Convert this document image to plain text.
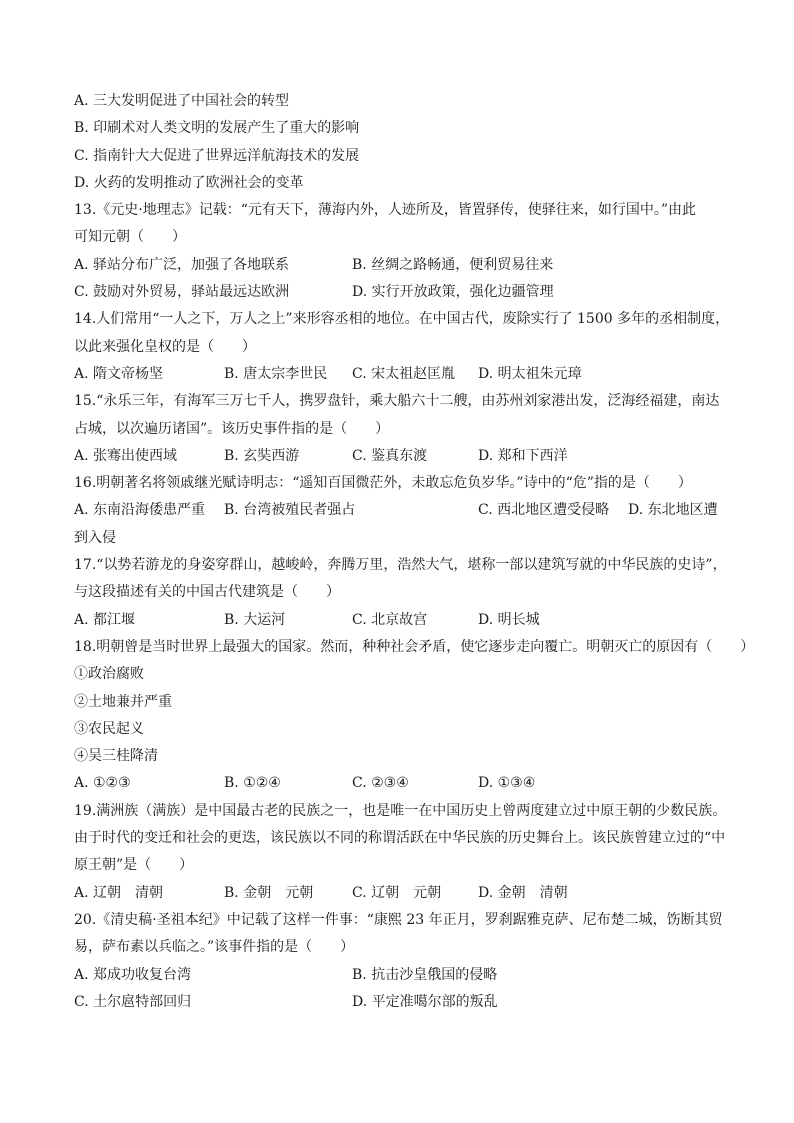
A. 三大发明促进了中国社会的转型
B. 印刷术对人类文明的发展产生了重大的影响
C. 指南针大大促进了世界远洋航海技术的发展
D. 火药的发明推动了欧洲社会的变革
13.《元史·地理志》记载：“元有天下，薄海内外，人迹所及，皆置驿传，使驿往来，如行国中。”由此
可知元朝（　　）
A. 驿站分布广泛，加强了各地联系	B. 丝绸之路畅通，便利贸易往来
C. 鼓励对外贸易，驿站最远达欧洲	D. 实行开放政策，强化边疆管理
14.人们常用“一人之下，万人之上”来形容丞相的地位。在中国古代，废除实行了 1500 多年的丞相制度，
以此来强化皇权的是（　　）
A. 隋文帝杨坚	B. 唐太宗李世民 C. 宋太祖赵匡胤 D. 明太祖朱元璋
15.“永乐三年，有海军三万七千人，携罗盘针，乘大船六十二艘，由苏州刘家港出发，泛海经福建，南达
占城，以次遍历诸国”。该历史事件指的是（　　）
A. 张骞出使西域	B. 玄奘西游	C. 鉴真东渡	D. 郑和下西洋
16.明朝著名将领戚继光赋诗明志：“遥知百国微茫外，未敢忘危负岁华。”诗中的“危”指的是（　　）
A. 东南沿海倭患严重 B. 台湾被殖民者强占	C. 西北地区遭受侵略 D. 东北地区遭
到入侵
17.“以势若游龙的身姿穿群山，越峻岭，奔腾万里，浩然大气，堪称一部以建筑写就的中华民族的史诗”，
与这段描述有关的中国古代建筑是（　　）
A. 都江堰	B. 大运河	C. 北京故宫	D. 明长城
18.明朝曾是当时世界上最强大的国家。然而，种种社会矛盾，使它逐步走向覆亡。明朝灭亡的原因有（　　）
①政治腐败
②土地兼并严重
③农民起义
④吴三桂降清
A. ①②③	B. ①②④	C. ②③④	D. ①③④
19.满洲族（满族）是中国最古老的民族之一，也是唯一在中国历史上曾两度建立过中原王朝的少数民族。
由于时代的变迁和社会的更迭，该民族以不同的称谓活跃在中华民族的历史舞台上。该民族曾建立过的“中
原王朝”是（　　）
A. 辽朝　清朝	B. 金朝　元朝	C. 辽朝　元朝	D. 金朝　清朝
20.《清史稿·圣祖本纪》中记载了这样一件事：“康熙 23 年正月，罗刹踞雅克萨、尼布楚二城，饬断其贸
易，萨布素以兵临之。”该事件指的是（　　）
A. 郑成功收复台湾	B. 抗击沙皇俄国的侵略
C. 土尔扈特部回归	D. 平定准噶尔部的叛乱
